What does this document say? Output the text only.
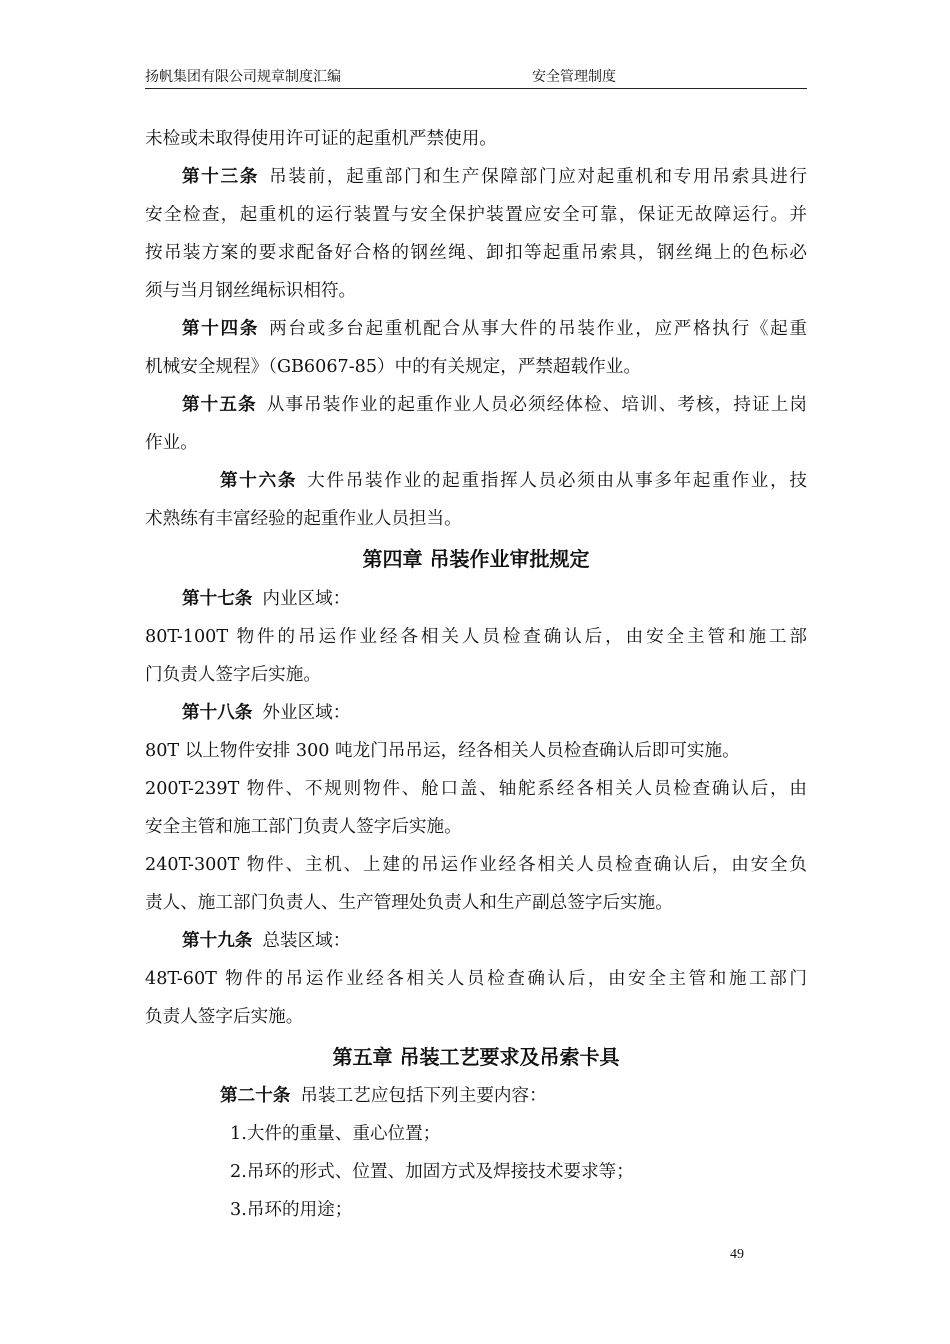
扬帆集团有限公司规章制度汇编	安全管理制度
未检或未取得使用许可证的起重机严禁使用。
第十三条 吊装前，起重部门和生产保障部门应对起重机和专用吊索具进行
安全检查，起重机的运行装置与安全保护装置应安全可靠，保证无故障运行。并
按吊装方案的要求配备好合格的钢丝绳、卸扣等起重吊索具，钢丝绳上的色标必
须与当月钢丝绳标识相符。
第十四条 两台或多台起重机配合从事大件的吊装作业，应严格执行《起重
机械安全规程》（GB6067-85）中的有关规定，严禁超载作业。
第十五条 从事吊装作业的起重作业人员必须经体检、培训、考核，持证上岗
作业。
第十六条 大件吊装作业的起重指挥人员必须由从事多年起重作业，技
术熟练有丰富经验的起重作业人员担当。
第四章 吊装作业审批规定
第十七条 内业区域：
80T-100T 物件的吊运作业经各相关人员检查确认后，由安全主管和施工部
门负责人签字后实施。
第十八条 外业区域：
80T 以上物件安排 300 吨龙门吊吊运，经各相关人员检查确认后即可实施。
200T-239T 物件、不规则物件、舱口盖、轴舵系经各相关人员检查确认后，由
安全主管和施工部门负责人签字后实施。
240T-300T 物件、主机、上建的吊运作业经各相关人员检查确认后，由安全负
责人、施工部门负责人、生产管理处负责人和生产副总签字后实施。
第十九条 总装区域：
48T-60T 物件的吊运作业经各相关人员检查确认后，由安全主管和施工部门
负责人签字后实施。
第五章 吊装工艺要求及吊索卡具
第二十条 吊装工艺应包括下列主要内容：
1.大件的重量、重心位置；
2.吊环的形式、位置、加固方式及焊接技术要求等；
3.吊环的用途；
49
